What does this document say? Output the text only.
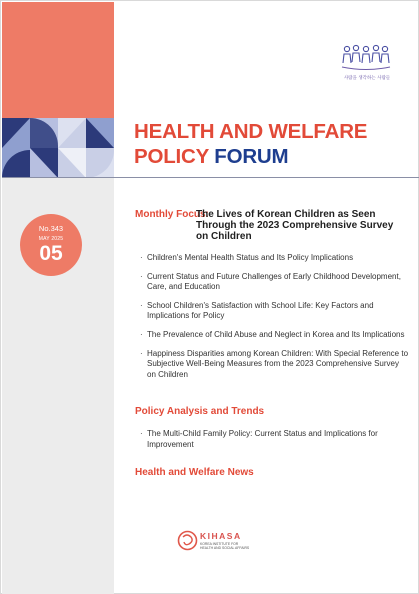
No.343
MAY 2025
05
사람을 생각하는 사람들
HEALTH AND WELFARE
POLICY FORUM
Monthly Focus:
The Lives of Korean Children as Seen Through the 2023 Comprehensive Survey on Children
· Children's Mental Health Status and Its Policy Implications
· Current Status and Future Challenges of Early Childhood Development, Care, and Education
· School Children's Satisfaction with School Life: Key Factors and Implications for Policy
· The Prevalence of Child Abuse and Neglect in Korea and Its Implications
· Happiness Disparities among Korean Children: With Special Reference to Subjective Well-Being Measures from the 2023 Comprehensive Survey on Children
Policy Analysis and Trends
· The Multi-Child Family Policy: Current Status and Implications for Improvement
Health and Welfare News
KIHASA
KOREA INSTITUTE FOR
HEALTH AND SOCIAL AFFAIRS
